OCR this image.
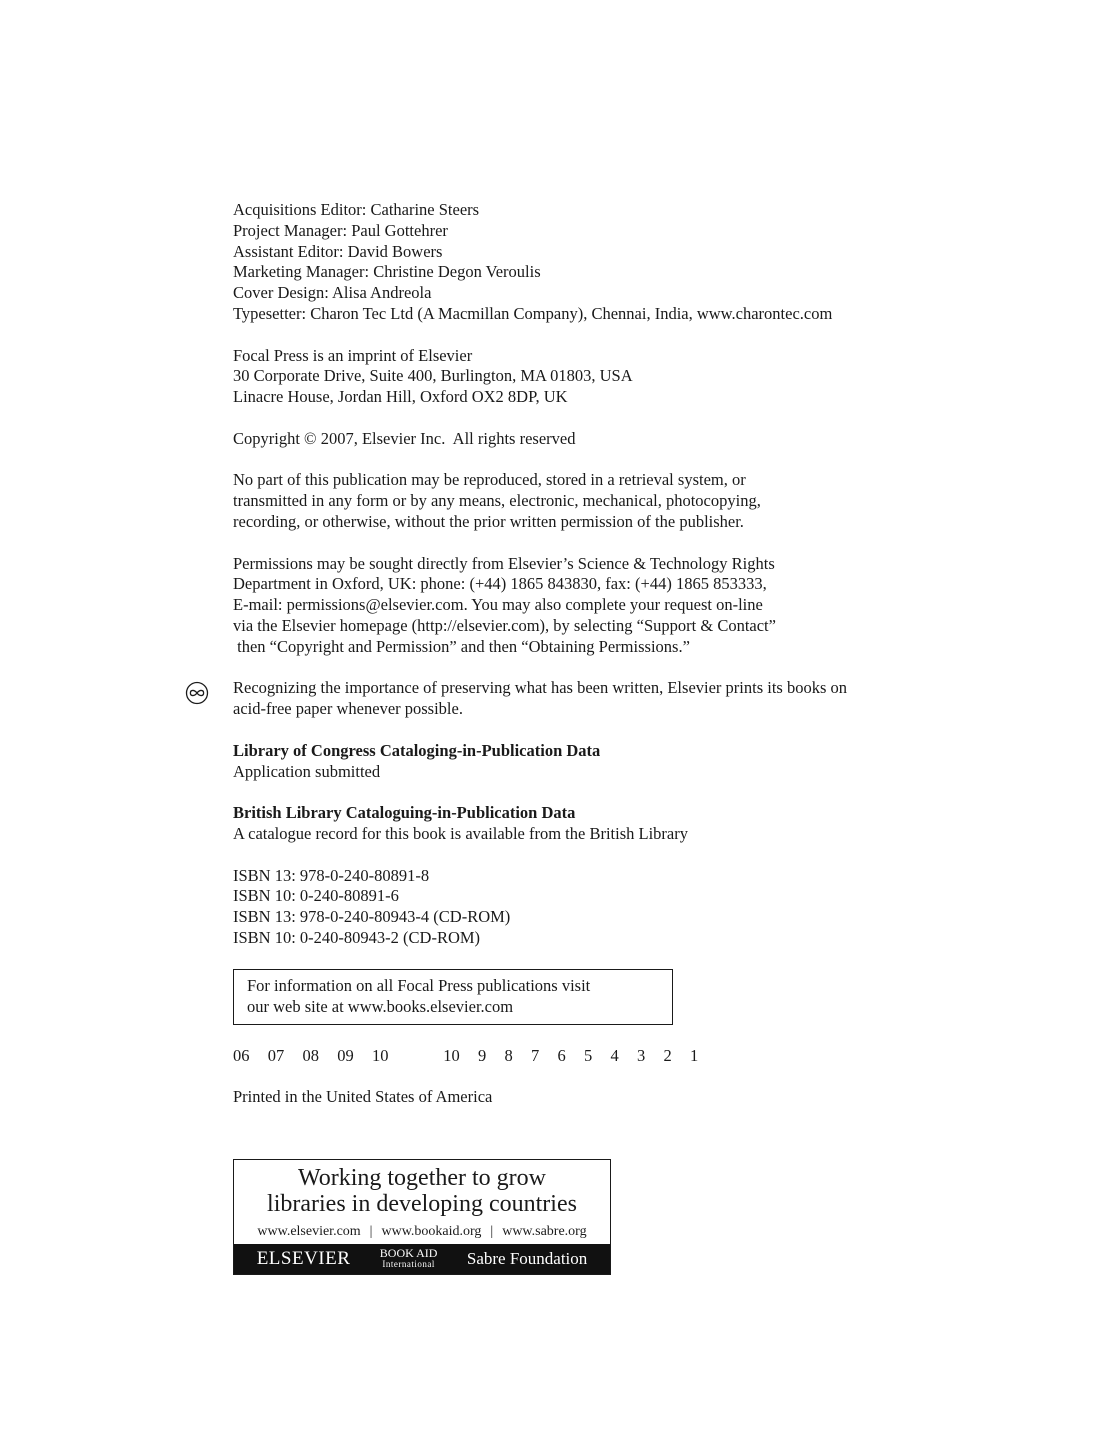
Acquisitions Editor: Catharine Steers
Project Manager: Paul Gottehrer
Assistant Editor: David Bowers
Marketing Manager: Christine Degon Veroulis
Cover Design: Alisa Andreola
Typesetter: Charon Tec Ltd (A Macmillan Company), Chennai, India, www.charontec.com
Focal Press is an imprint of Elsevier
30 Corporate Drive, Suite 400, Burlington, MA 01803, USA
Linacre House, Jordan Hill, Oxford OX2 8DP, UK
Copyright © 2007, Elsevier Inc.  All rights reserved
No part of this publication may be reproduced, stored in a retrieval system, or
transmitted in any form or by any means, electronic, mechanical, photocopying,
recording, or otherwise, without the prior written permission of the publisher.
Permissions may be sought directly from Elsevier’s Science & Technology Rights
Department in Oxford, UK: phone: (+44) 1865 843830, fax: (+44) 1865 853333,
E-mail: permissions@elsevier.com. You may also complete your request on-line
via the Elsevier homepage (http://elsevier.com), by selecting “Support & Contact”
then “Copyright and Permission” and then “Obtaining Permissions.”
Recognizing the importance of preserving what has been written, Elsevier prints its books on
acid-free paper whenever possible.
Library of Congress Cataloging-in-Publication Data
Application submitted
British Library Cataloguing-in-Publication Data
A catalogue record for this book is available from the British Library
ISBN 13: 978-0-240-80891-8
ISBN 10: 0-240-80891-6
ISBN 13: 978-0-240-80943-4 (CD-ROM)
ISBN 10: 0-240-80943-2 (CD-ROM)
For information on all Focal Press publications visit
our web site at www.books.elsevier.com
06  07  08  09  10      10  9  8  7  6  5  4  3  2  1
Printed in the United States of America
Working together to grow
libraries in developing countries
www.elsevier.com  |  www.bookaid.org  |  www.sabre.org
ELSEVIER BOOK AID
International Sabre Foundation
